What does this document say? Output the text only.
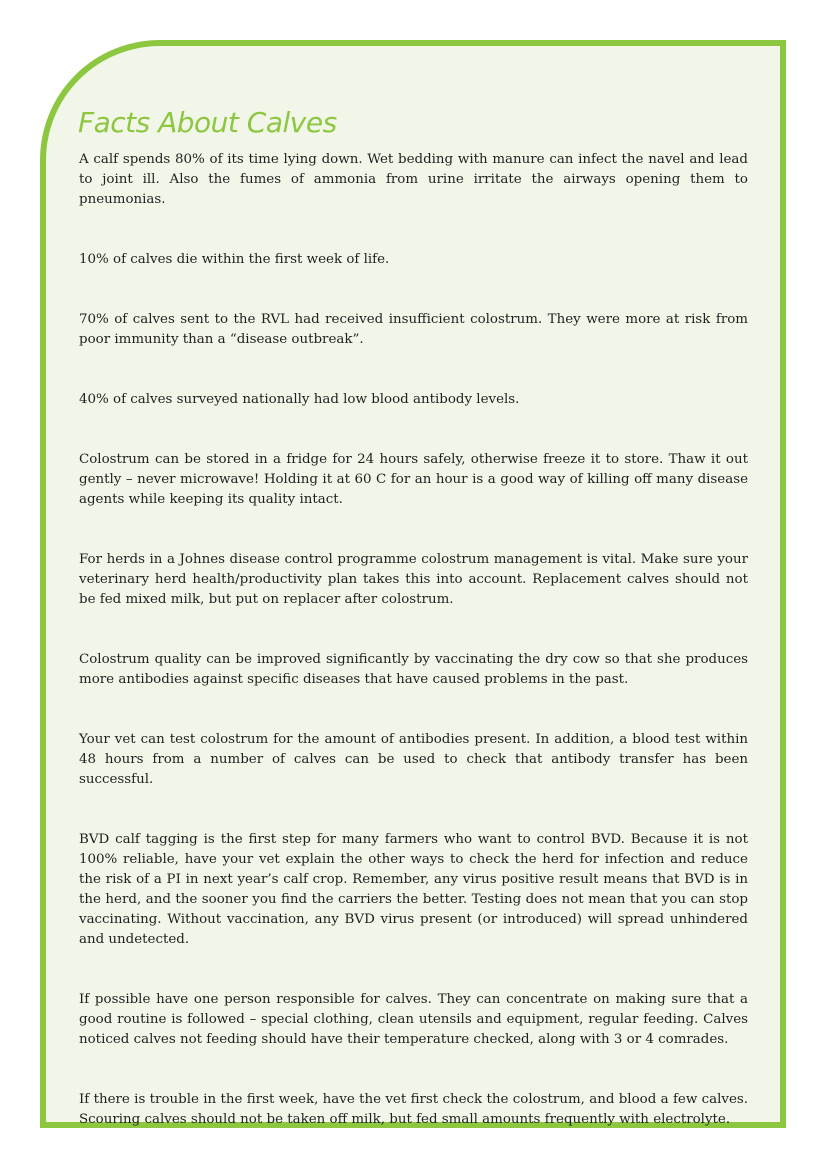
Facts About Calves

A calf spends 80% of its time lying down. Wet bedding with manure can infect the navel and lead to joint ill. Also the fumes of ammonia from urine irritate the airways opening them to pneumonias.

10% of calves die within the first week of life.

70% of calves sent to the RVL had received insufficient colostrum. They were more at risk from poor immunity than a “disease outbreak”.

40% of calves surveyed nationally had low blood antibody levels.

Colostrum can be stored in a fridge for 24 hours safely, otherwise freeze it to store. Thaw it out gently – never microwave! Holding it at 60 C for an hour is a good way of killing off many disease agents while keeping its quality intact.

For herds in a Johnes disease control programme colostrum management is vital. Make sure your veterinary herd health/productivity plan takes this into account. Replacement calves should not be fed mixed milk, but put on replacer after colostrum.

Colostrum quality can be improved significantly by vaccinating the dry cow so that she produces more antibodies against specific diseases that have caused problems in the past.

Your vet can test colostrum for the amount of antibodies present. In addition, a blood test within 48 hours from a number of calves can be used to check that antibody transfer has been successful.

BVD calf tagging is the first step for many farmers who want to control BVD. Because it is not 100% reliable, have your vet explain the other ways to check the herd for infection and reduce the risk of a PI in next year’s calf crop. Remember, any virus positive result means that BVD is in the herd, and the sooner you find the carriers the better. Testing does not mean that you can stop vaccinating. Without vaccination, any BVD virus present (or introduced) will spread unhindered and undetected.

If possible have one person responsible for calves. They can concentrate on making sure that a good routine is followed – special clothing, clean utensils and equipment, regular feeding. Calves noticed calves not feeding should have their temperature checked, along with 3 or 4 comrades.

If there is trouble in the first week, have the vet first check the colostrum, and blood a few calves. Scouring calves should not be taken off milk, but fed small amounts frequently with electrolyte.
